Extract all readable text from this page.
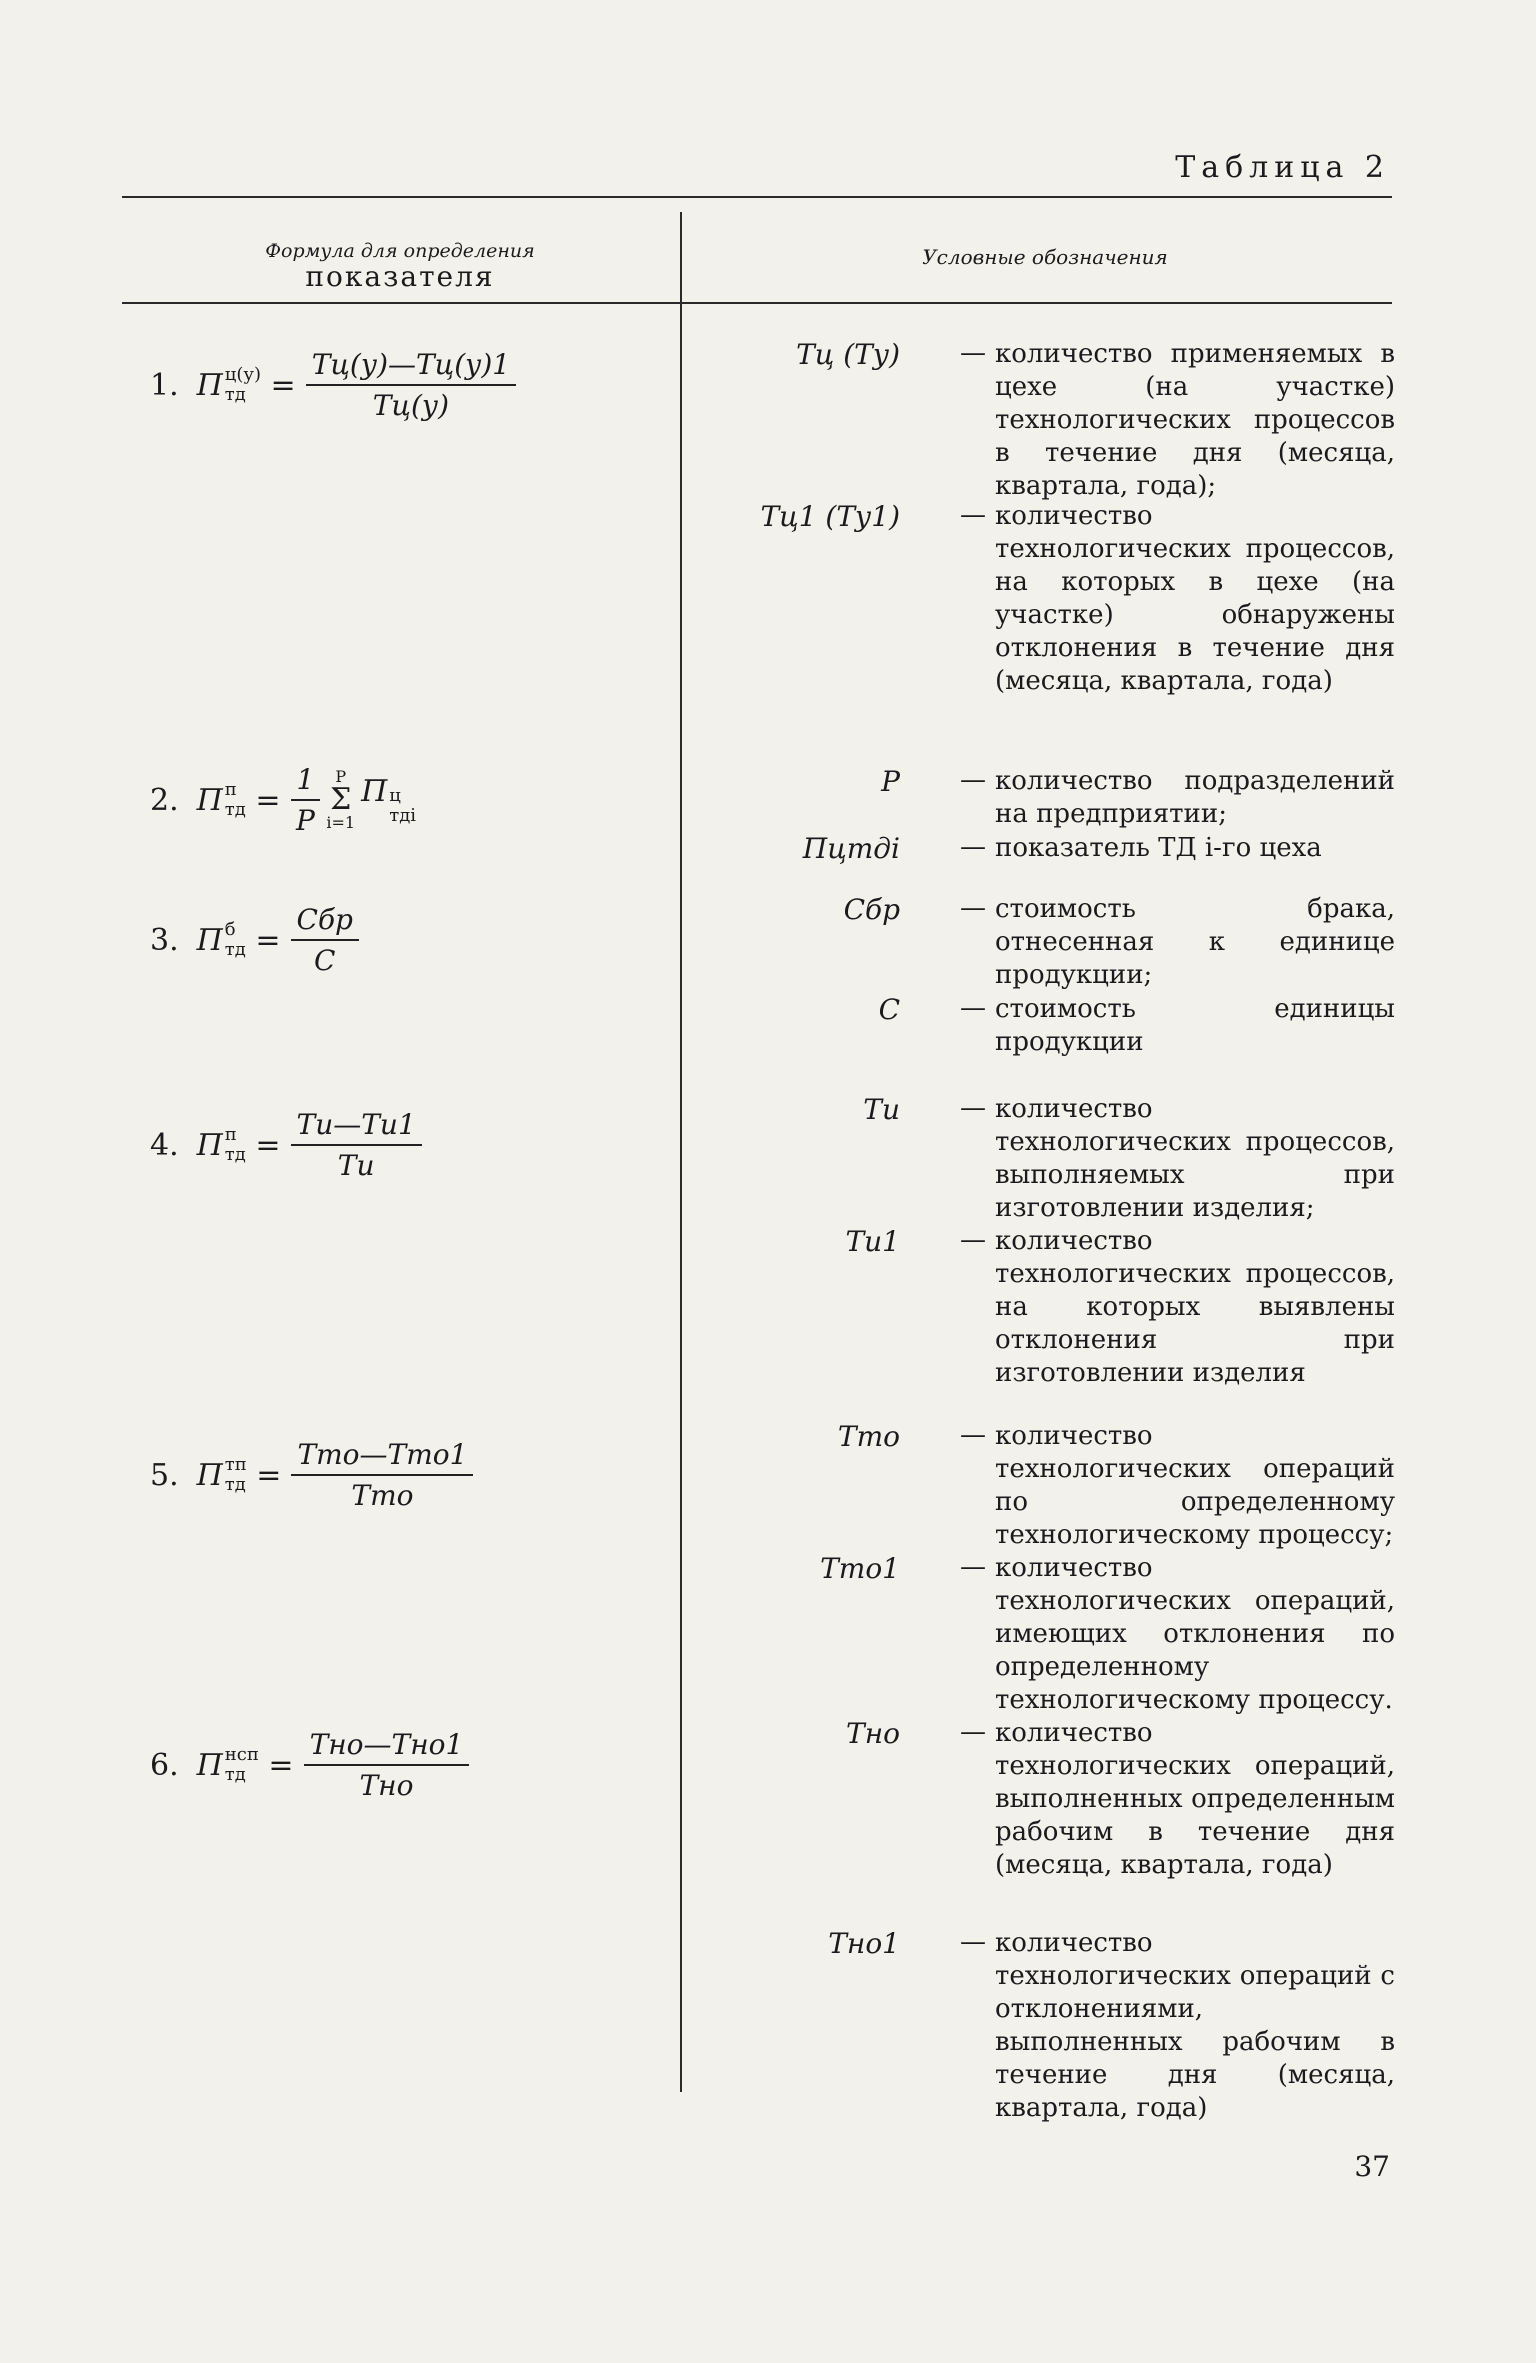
Таблица 2
Формула для определения
показателя
Условные обозначения
1. П ц(у)
тд = $\frac{Tц(у)—Tц(у)1}{Tц(у)}$
2. П п
тд = $\frac{1}{P}$ P
Σ
i=1
П ц
тдi
3. П б
тд = $\frac{\text{Cбр}}{C}$
4. П п
тд = $\frac{Tи—Tи1}{Tи}$
5. П тп
тд = $\frac{\text{Tто—Tто1}}{\text{Tто}}$
6. П нсп
тд = $\frac{\text{Tно—Tно1}}{\text{Tно}}$
Tц (Tу) — количество применяемых в цехе (на участке) технологических процессов в течение дня (месяца, квартала, года);
Tц1 (Tу1) — количество технологических процессов, на которых в цехе (на участке) обнаружены отклонения в течение дня (месяца, квартала, года)
P — количество подразделений на предприятии;
Пцтдi — показатель ТД i-го цеха
Cбр — стоимость брака, отнесенная к единице продукции;
C — стоимость единицы продукции
Tи — количество технологических процессов, выполняемых при изготовлении изделия;
Tи1 — количество технологических процессов, на которых выявлены отклонения при изготовлении изделия
Tто — количество технологических операций по определенному технологическому процессу;
Tто1 — количество технологических операций, имеющих отклонения по определенному технологическому процессу.
Tно — количество технологических операций, выполненных определенным рабочим в течение дня (месяца, квартала, года)
Tно1 — количество технологических операций с отклонениями, выполненных рабочим в течение дня (месяца, квартала, года)
37
